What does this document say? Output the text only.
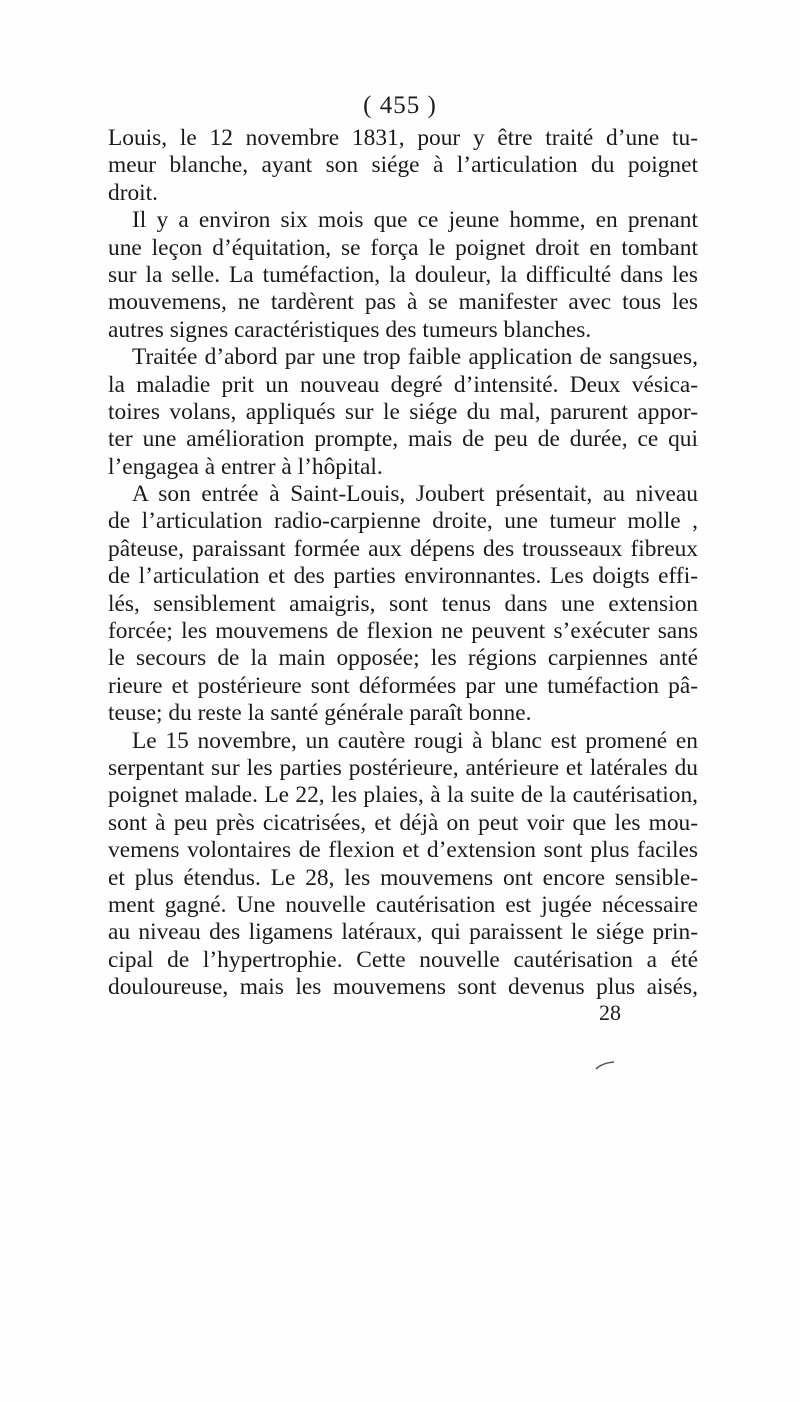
( 455 )
Louis, le 12 novembre 1831, pour y être traité d’une tu-
meur blanche, ayant son siége à l’articulation du poignet
droit.
Il y a environ six mois que ce jeune homme, en prenant
une leçon d’équitation, se força le poignet droit en tombant
sur la selle. La tuméfaction, la douleur, la difficulté dans les
mouvemens, ne tardèrent pas à se manifester avec tous les
autres signes caractéristiques des tumeurs blanches.
Traitée d’abord par une trop faible application de sangsues,
la maladie prit un nouveau degré d’intensité. Deux vésica-
toires volans, appliqués sur le siége du mal, parurent appor-
ter une amélioration prompte, mais de peu de durée, ce qui
l’engagea à entrer à l’hôpital.
A son entrée à Saint-Louis, Joubert présentait, au niveau
de l’articulation radio-carpienne droite, une tumeur molle ,
pâteuse, paraissant formée aux dépens des trousseaux fibreux
de l’articulation et des parties environnantes. Les doigts effi-
lés, sensiblement amaigris, sont tenus dans une extension
forcée; les mouvemens de flexion ne peuvent s’exécuter sans
le secours de la main opposée; les régions carpiennes anté
rieure et postérieure sont déformées par une tuméfaction pâ-
teuse; du reste la santé générale paraît bonne.
Le 15 novembre, un cautère rougi à blanc est promené en
serpentant sur les parties postérieure, antérieure et latérales du
poignet malade. Le 22, les plaies, à la suite de la cautérisation,
sont à peu près cicatrisées, et déjà on peut voir que les mou-
vemens volontaires de flexion et d’extension sont plus faciles
et plus étendus. Le 28, les mouvemens ont encore sensible-
ment gagné. Une nouvelle cautérisation est jugée nécessaire
au niveau des ligamens latéraux, qui paraissent le siége prin-
cipal de l’hypertrophie. Cette nouvelle cautérisation a été
douloureuse, mais les mouvemens sont devenus plus aisés,
28
